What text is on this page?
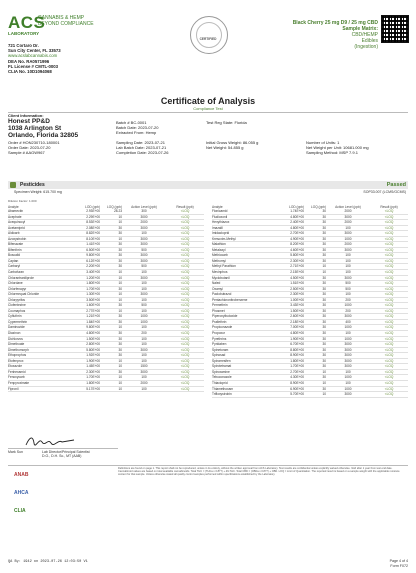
ACS
LABORATORY
CANNABIS & HEMP
BEYOND COMPLIANCE
721 Cortaro Dr.
Sun City Center, FL 33573
www.acslabcannabis.com
DEA No. RA0571996
FL License # CMTL-0003
CLIA No. 10D1094068
CERTIFIED
Black Cherry 25 mg D9 / 25 mg CBD
Sample Matrix:
CBD/HEMP
Edibles
(Ingestion)
Certificate of Analysis
Compliance Test
Client Information:
Honest PP&D
1038 Arlington St
Orlando, Florida 32805
Order # HON230710-180001
Order Date: 2023-07-20
Sample # AAGW967
Batch # BC-0001
Batch Date: 2023-07-20
Extracted From: Hemp
Test Reg State: Florida
Sampling Date: 2023-07-21
Lab Batch Date: 2023-07-21
Completion Date: 2023-07-26
Initial Gross Weight: 86.055 g
Net Weight: 54.855 g
Number of Units: 1
Net Weight per Unit: 10681.000 mg
Sampling Method: MSP 7.9.1
Pesticides	Passed
Specimen Weight: 615.700 mg	SOP33.007 (LCMS/GCMS)
Dilution Factor: 1.000
Analyte	LOD (ppb)	LOQ (ppb)	Action Level (ppb)	Result (ppb)
Abamectin	2.93E+00	28.23	300	<LOQ
Acephate	2.29E+00	10	3000	<LOQ
Acequinocyl	8.53E+00	10	2000	<LOQ
Acetamiprid	2.08E+00	30	3000	<LOQ
Aldicarb	8.82E+00	30	100	<LOQ
Azoxystrobin	8.10E+00	10	3000	<LOQ
Bifenazate	1.41E+00	30	3000	<LOQ
Bifenthrin	6.50E+00	30	500	<LOQ
Boscalid	9.80E+00	30	3000	<LOQ
Captan	6.12E+00	30	3000	<LOQ
Carbaryl	2.20E+00	30	500	<LOQ
Carbofuran	3.40E+00	10	100	<LOQ
Chlorantraniliprole	1.20E+00	10	3000	<LOQ
Chlordane	1.80E+00	10	100	<LOQ
Chlorfenapyr	1.70E+00	30	100	<LOQ
Chlormequat Chloride	1.30E+00	10	3000	<LOQ
Chlorpyrifos	3.50E+00	10	100	<LOQ
Clofentezine	1.60E+00	30	500	<LOQ
Coumaphos	2.77E+00	10	100	<LOQ
Cyfluthrin	1.21E+00	30	1000	<LOQ
Cypermethrin	1.84E+00	30	1000	<LOQ
Daminozide	9.80E+00	10	100	<LOQ
Diazinon	4.80E+00	30	200	<LOQ
Dichlorvos	1.50E+00	30	100	<LOQ
Dimethoate	2.80E+00	30	100	<LOQ
Dimethomorph	5.80E+00	30	3000	<LOQ
Ethoprophos	1.92E+00	30	100	<LOQ
Etofenprox	1.90E+00	10	100	<LOQ
Etoxazole	1.45E+00	10	1500	<LOQ
Fenhexamid	2.30E+00	30	3000	<LOQ
Fenoxycarb	1.70E+00	10	100	<LOQ
Fenpyroximate	1.80E+00	10	2000	<LOQ
Fipronil	5.17E+00	10	100	<LOQ
Analyte	LOD (ppb)	LOQ (ppb)	Action Level (ppb)	Result (ppb)
Flonicamid	1.74E+00	30	2000	<LOQ
Fludioxonil	4.80E+00	30	3000	<LOQ
Hexythiazox	2.40E+00	30	2000	<LOQ
Imazalil	4.80E+00	30	100	<LOQ
Imidacloprid	2.70E+00	30	3000	<LOQ
Kresoxim-Methyl	4.90E+00	30	1000	<LOQ
Malathion	8.20E+00	30	2000	<LOQ
Metalaxyl	4.60E+00	30	3000	<LOQ
Methiocarb	5.80E+00	30	100	<LOQ
Methomyl	2.30E+00	30	100	<LOQ
Methyl Parathion	2.71E+00	10	100	<LOQ
Mevinphos	2.15E+00	10	100	<LOQ
Myclobutanil	4.50E+00	30	3000	<LOQ
Naled	1.51E+00	30	500	<LOQ
Oxamyl	2.50E+00	30	500	<LOQ
Paclobutrazol	2.30E+00	30	100	<LOQ
Pentachloronitrobenzene	1.00E+00	30	200	<LOQ
Permethrin	3.43E+00	30	1000	<LOQ
Phosmet	1.50E+00	30	200	<LOQ
Piperonylbutoxide	2.60E+00	30	3000	<LOQ
Prallethrin	2.18E+00	30	400	<LOQ
Propiconazole	7.00E+00	30	1000	<LOQ
Propoxur	4.80E+00	30	100	<LOQ
Pyrethrins	1.90E+00	30	1000	<LOQ
Pyridaben	6.70E+00	30	3000	<LOQ
Spinetoram	8.80E+00	30	3000	<LOQ
Spinosad	8.90E+00	30	3000	<LOQ
Spiromesifen	1.80E+00	30	3000	<LOQ
Spirotetramat	1.70E+00	30	3000	<LOQ
Spiroxamine	2.70E+00	10	100	<LOQ
Tebuconazole	4.30E+00	30	1000	<LOQ
Thiacloprid	8.90E+00	10	100	<LOQ
Thiamethoxam	6.90E+00	30	1000	<LOQ
Trifloxystrobin	5.70E+00	10	3000	<LOQ
Mark Sun	Lab Director/Principal Scientist
D.O., D.H. Sc., MT (AAB)
Definitions are found on page 1. This report shall not be reproduced, unless in its entirety, without the written approval from ACS Laboratory. Test results are confidential unless explicitly waived otherwise. Void after 1 year from test end date. Cannabinoid values are based on total available cannabinoids. Total THC = (THCa x 0.877) + d9-THC. Total CBD = (CBDa x 0.877) + CBD. LOQ = Limit of Quantitation. The reported result is based on a sample weight with the applicable moisture content for that sample. Unless otherwise stated all quality control samples performed within specifications established by the Laboratory.
ANAB
AHCA
CLIA
QA By: 1942 on 2023-07-26 12:03:50 V1	Page 4 of 4
Form F072
